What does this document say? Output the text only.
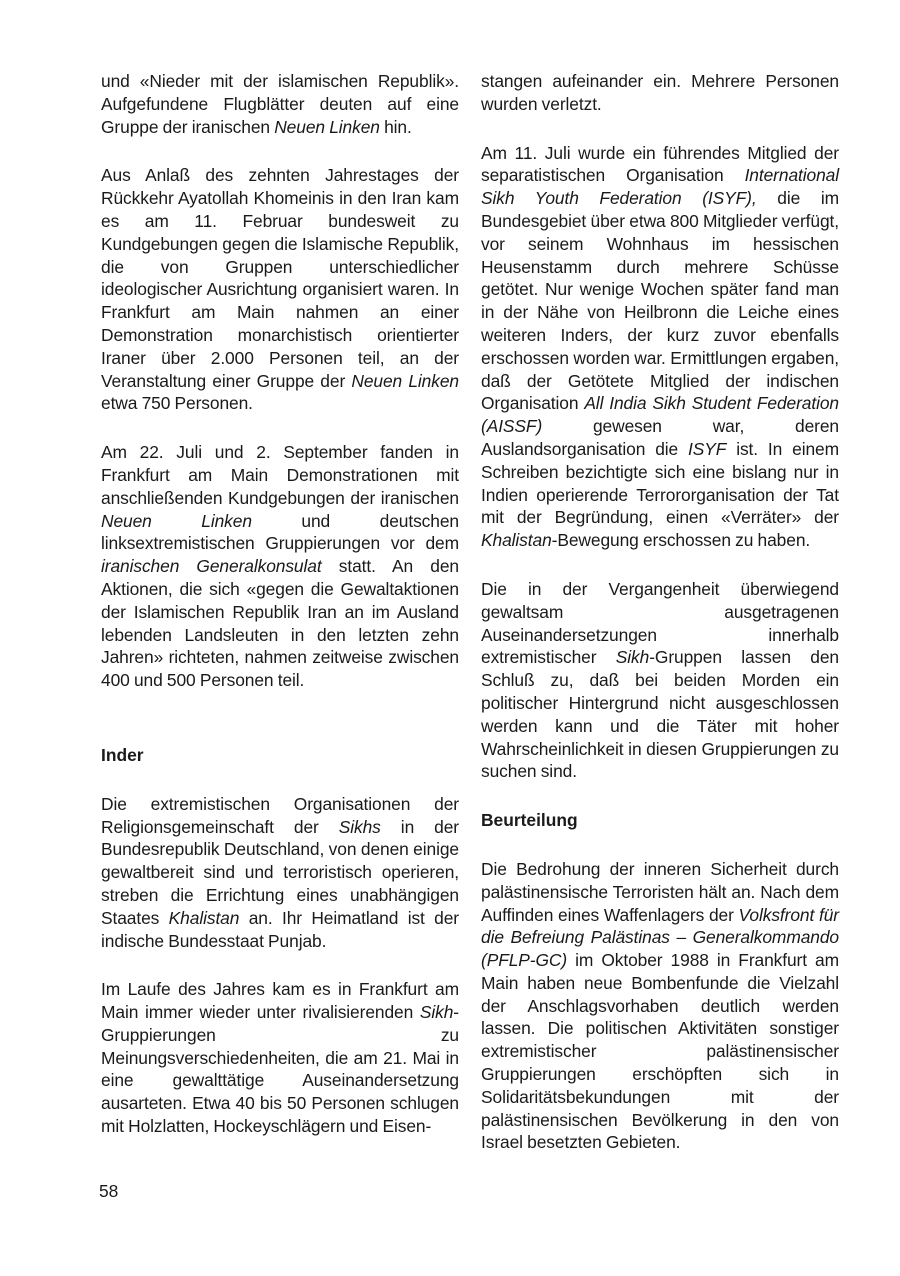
und «Nieder mit der islamischen Republik». Aufgefundene Flugblätter deuten auf eine Gruppe der iranischen Neuen Linken hin.

Aus Anlaß des zehnten Jahrestages der Rückkehr Ayatollah Khomeinis in den Iran kam es am 11. Februar bundesweit zu Kundgebungen gegen die Islamische Republik, die von Gruppen unterschiedlicher ideologischer Ausrichtung organisiert waren. In Frankfurt am Main nahmen an einer Demonstration monarchistisch orientierter Iraner über 2.000 Personen teil, an der Veranstaltung einer Gruppe der Neuen Linken etwa 750 Personen.

Am 22. Juli und 2. September fanden in Frankfurt am Main Demonstrationen mit anschließenden Kundgebungen der iranischen Neuen Linken und deutschen linksextremistischen Gruppierungen vor dem iranischen Generalkonsulat statt. An den Aktionen, die sich «gegen die Gewaltaktionen der Islamischen Republik Iran an im Ausland lebenden Landsleuten in den letzten zehn Jahren» richteten, nahmen zeitweise zwischen 400 und 500 Personen teil.

Inder

Die extremistischen Organisationen der Religionsgemeinschaft der Sikhs in der Bundesrepublik Deutschland, von denen einige gewaltbereit sind und terroristisch operieren, streben die Errichtung eines unabhängigen Staates Khalistan an. Ihr Heimatland ist der indische Bundesstaat Punjab.

Im Laufe des Jahres kam es in Frankfurt am Main immer wieder unter rivalisierenden Sikh-Gruppierungen zu Meinungsverschiedenheiten, die am 21. Mai in eine gewalttätige Auseinandersetzung ausarteten. Etwa 40 bis 50 Personen schlugen mit Holzlatten, Hockeyschlägern und Eisen-

stangen aufeinander ein. Mehrere Personen wurden verletzt.

Am 11. Juli wurde ein führendes Mitglied der separatistischen Organisation International Sikh Youth Federation (ISYF), die im Bundesgebiet über etwa 800 Mitglieder verfügt, vor seinem Wohnhaus im hessischen Heusenstamm durch mehrere Schüsse getötet. Nur wenige Wochen später fand man in der Nähe von Heilbronn die Leiche eines weiteren Inders, der kurz zuvor ebenfalls erschossen worden war. Ermittlungen ergaben, daß der Getötete Mitglied der indischen Organisation All India Sikh Student Federation (AISSF) gewesen war, deren Auslandsorganisation die ISYF ist. In einem Schreiben bezichtigte sich eine bislang nur in Indien operierende Terrororganisation der Tat mit der Begründung, einen «Verräter» der Khalistan-Bewegung erschossen zu haben.

Die in der Vergangenheit überwiegend gewaltsam ausgetragenen Auseinandersetzungen innerhalb extremistischer Sikh-Gruppen lassen den Schluß zu, daß bei beiden Morden ein politischer Hintergrund nicht ausgeschlossen werden kann und die Täter mit hoher Wahrscheinlichkeit in diesen Gruppierungen zu suchen sind.

Beurteilung

Die Bedrohung der inneren Sicherheit durch palästinensische Terroristen hält an. Nach dem Auffinden eines Waffenlagers der Volksfront für die Befreiung Palästinas – Generalkommando (PFLP-GC) im Oktober 1988 in Frankfurt am Main haben neue Bombenfunde die Vielzahl der Anschlagsvorhaben deutlich werden lassen. Die politischen Aktivitäten sonstiger extremistischer palästinensischer Gruppierungen erschöpften sich in Solidaritätsbekundungen mit der palästinensischen Bevölkerung in den von Israel besetzten Gebieten.

58
